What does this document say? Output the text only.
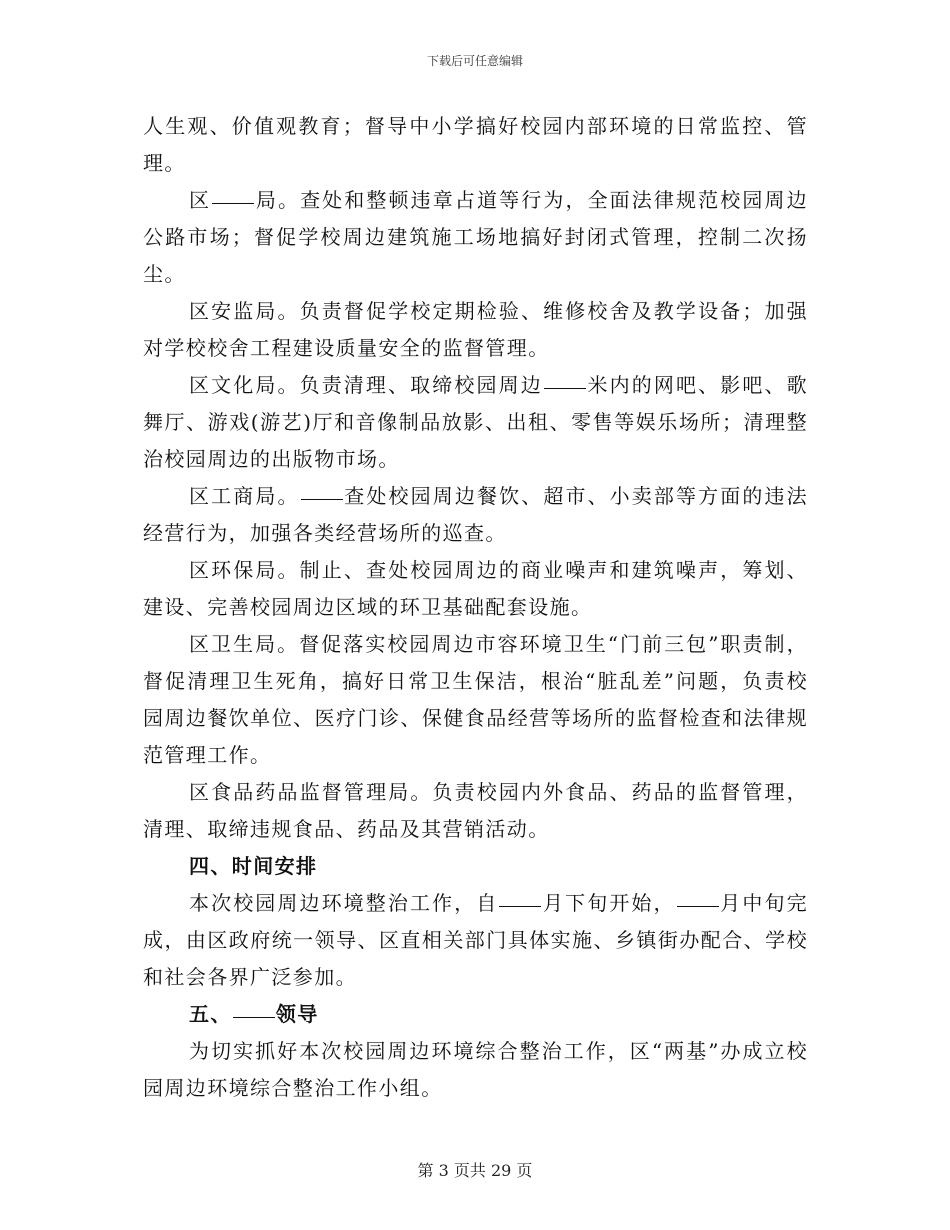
下载后可任意编辑

人生观、价值观教育；督导中小学搞好校园内部环境的日常监控、管理。

区 局。查处和整顿违章占道等行为，全面法律规范校园周边公路市场；督促学校周边建筑施工场地搞好封闭式管理，控制二次扬尘。

区安监局。负责督促学校定期检验、维修校舍及教学设备；加强对学校校舍工程建设质量安全的监督管理。

区文化局。负责清理、取缔校园周边 米内的网吧、影吧、歌舞厅、游戏(游艺)厅和音像制品放影、出租、零售等娱乐场所；清理整治校园周边的出版物市场。

区工商局。 查处校园周边餐饮、超市、小卖部等方面的违法经营行为，加强各类经营场所的巡查。

区环保局。制止、查处校园周边的商业噪声和建筑噪声，筹划、建设、完善校园周边区域的环卫基础配套设施。

区卫生局。督促落实校园周边市容环境卫生“门前三包”职责制，督促清理卫生死角，搞好日常卫生保洁，根治“脏乱差”问题，负责校园周边餐饮单位、医疗门诊、保健食品经营等场所的监督检查和法律规范管理工作。

区食品药品监督管理局。负责校园内外食品、药品的监督管理，清理、取缔违规食品、药品及其营销活动。

四、时间安排

本次校园周边环境整治工作，自 月下旬开始， 月中旬完成，由区政府统一领导、区直相关部门具体实施、乡镇街办配合、学校和社会各界广泛参加。

五、 领导

为切实抓好本次校园周边环境综合整治工作，区“两基”办成立校园周边环境综合整治工作小组。

第 3 页共 29 页
